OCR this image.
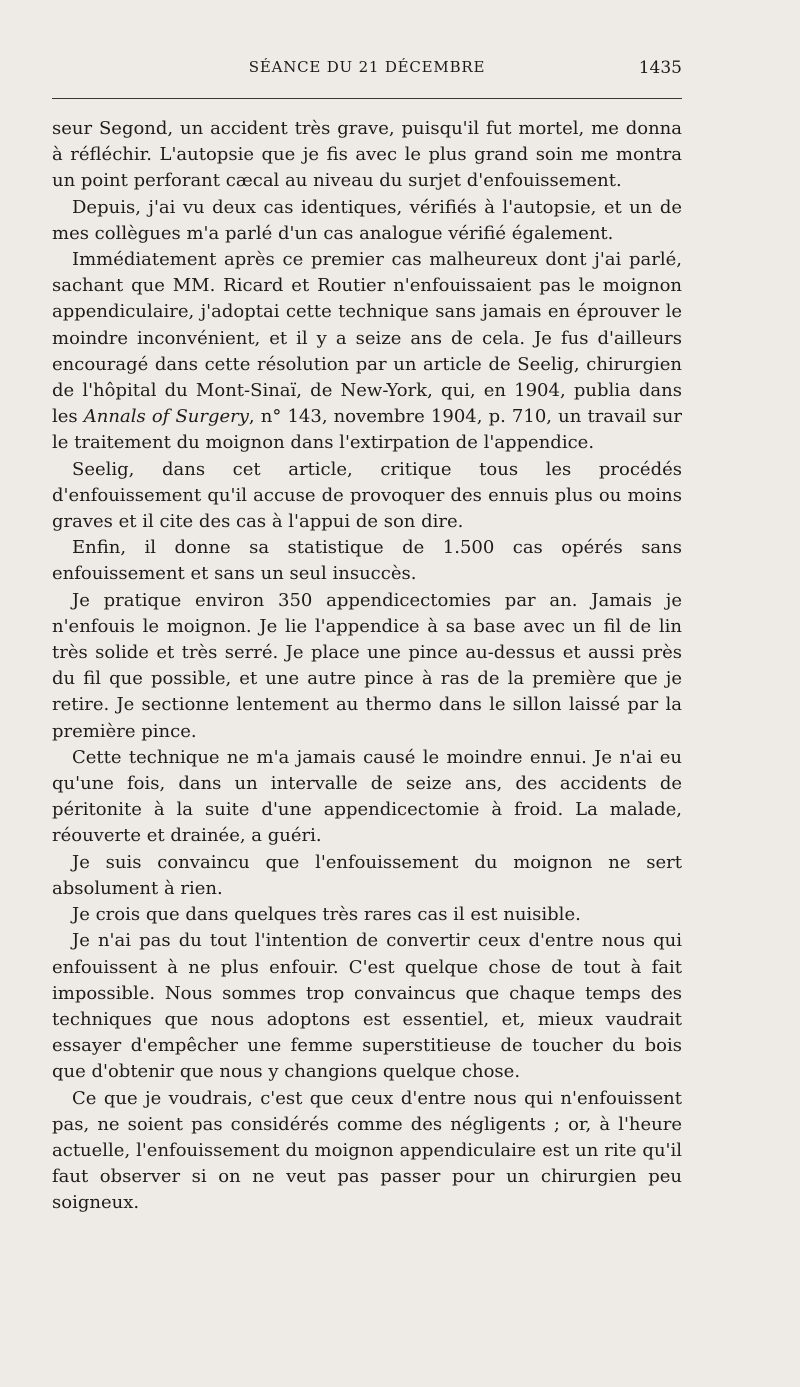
SÉANCE DU 21 DÉCEMBRE	1435

seur Segond, un accident très grave, puisqu'il fut mortel, me donna à réfléchir. L'autopsie que je fis avec le plus grand soin me montra un point perforant cæcal au niveau du surjet d'enfouissement.

Depuis, j'ai vu deux cas identiques, vérifiés à l'autopsie, et un de mes collègues m'a parlé d'un cas analogue vérifié également.

Immédiatement après ce premier cas malheureux dont j'ai parlé, sachant que MM. Ricard et Routier n'enfouissaient pas le moignon appendiculaire, j'adoptai cette technique sans jamais en éprouver le moindre inconvénient, et il y a seize ans de cela. Je fus d'ailleurs encouragé dans cette résolution par un article de Seelig, chirurgien de l'hôpital du Mont-Sinaï, de New-York, qui, en 1904, publia dans les Annals of Surgery, n° 143, novembre 1904, p. 710, un travail sur le traitement du moignon dans l'extirpation de l'appendice.

Seelig, dans cet article, critique tous les procédés d'enfouissement qu'il accuse de provoquer des ennuis plus ou moins graves et il cite des cas à l'appui de son dire.

Enfin, il donne sa statistique de 1.500 cas opérés sans enfouissement et sans un seul insuccès.

Je pratique environ 350 appendicectomies par an. Jamais je n'enfouis le moignon. Je lie l'appendice à sa base avec un fil de lin très solide et très serré. Je place une pince au-dessus et aussi près du fil que possible, et une autre pince à ras de la première que je retire. Je sectionne lentement au thermo dans le sillon laissé par la première pince.

Cette technique ne m'a jamais causé le moindre ennui. Je n'ai eu qu'une fois, dans un intervalle de seize ans, des accidents de péritonite à la suite d'une appendicectomie à froid. La malade, réouverte et drainée, a guéri.

Je suis convaincu que l'enfouissement du moignon ne sert absolument à rien.

Je crois que dans quelques très rares cas il est nuisible.

Je n'ai pas du tout l'intention de convertir ceux d'entre nous qui enfouissent à ne plus enfouir. C'est quelque chose de tout à fait impossible. Nous sommes trop convaincus que chaque temps des techniques que nous adoptons est essentiel, et, mieux vaudrait essayer d'empêcher une femme superstitieuse de toucher du bois que d'obtenir que nous y changions quelque chose.

Ce que je voudrais, c'est que ceux d'entre nous qui n'enfouissent pas, ne soient pas considérés comme des négligents ; or, à l'heure actuelle, l'enfouissement du moignon appendiculaire est un rite qu'il faut observer si on ne veut pas passer pour un chirurgien peu soigneux.
